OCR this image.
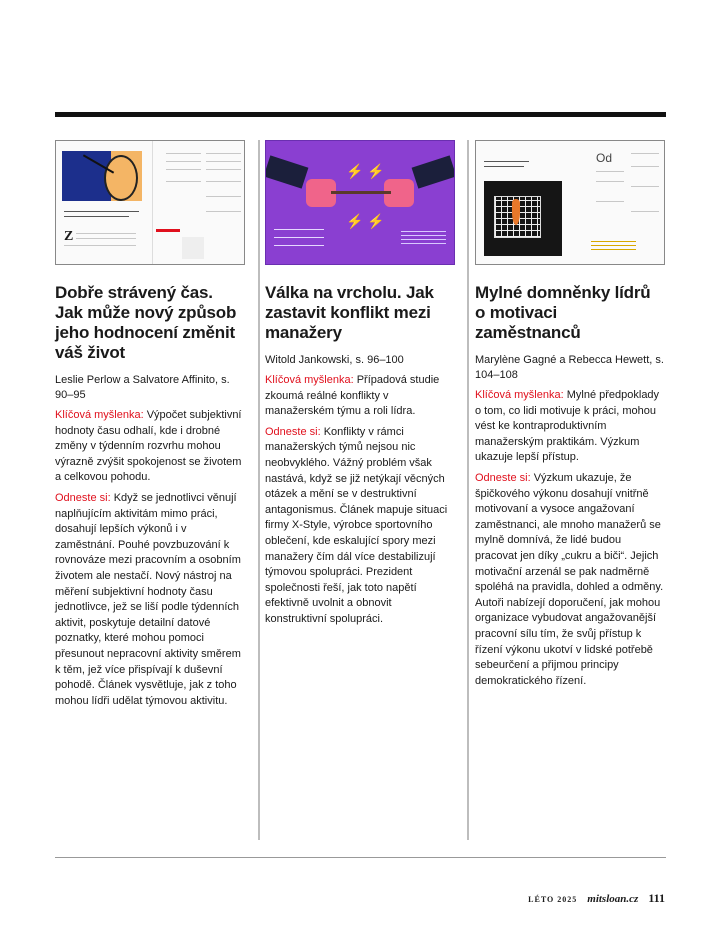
Z
Dobře strávený čas. Jak může nový způsob jeho hodnocení změnit váš život
Leslie Perlow a Salvatore Affinito, s. 90–95

Klíčová myšlenka: Výpočet subjektivní hodnoty času odhalí, kde i drobné změny v týdenním rozvrhu mohou výrazně zvýšit spokojenost se životem a celkovou pohodu.

Odneste si: Když se jednotlivci věnují naplňujícím aktivitám mimo práci, dosahují lepších výkonů i v zaměstnání. Pouhé povzbuzování k rovnováze mezi pracovním a osobním životem ale nestačí. Nový nástroj na měření subjektivní hodnoty času jednotlivce, jež se liší podle týdenních aktivit, poskytuje detailní datové poznatky, které mohou pomoci přesunout nepracovní aktivity směrem k těm, jež více přispívají k duševní pohodě. Článek vysvětluje, jak z toho mohou lídři udělat týmovou aktivitu.

⚡ ⚡
⚡ ⚡
Válka na vrcholu. Jak zastavit konflikt mezi manažery
Witold Jankowski, s. 96–100

Klíčová myšlenka: Případová studie zkoumá reálné konflikty v manažerském týmu a roli lídra.

Odneste si: Konflikty v rámci manažerských týmů nejsou nic neobvyklého. Vážný problém však nastává, když se již netýkají věcných otázek a mění se v destruktivní antagonismus. Článek mapuje situaci firmy X-Style, výrobce sportovního oblečení, kde eskalující spory mezi manažery čím dál více destabilizují týmovou spolupráci. Prezident společnosti řeší, jak toto napětí efektivně uvolnit a obnovit konstruktivní spolupráci.

Od
Mylné domněnky lídrů o motivaci zaměstnanců
Marylène Gagné a Rebecca Hewett, s. 104–108

Klíčová myšlenka: Mylné předpoklady o tom, co lidi motivuje k práci, mohou vést ke kontraproduktivním manažerským praktikám. Výzkum ukazuje lepší přístup.

Odneste si: Výzkum ukazuje, že špičkového výkonu dosahují vnitřně motivovaní a vysoce angažovaní zaměstnanci, ale mnoho manažerů se mylně domnívá, že lidé budou pracovat jen díky „cukru a biči“. Jejich motivační arzenál se pak nadměrně spoléhá na pravidla, dohled a odměny. Autoři nabízejí doporučení, jak mohou organizace vybudovat angažovanější pracovní sílu tím, že svůj přístup k řízení výkonu ukotví v lidské potřebě sebeurčení a přijmou principy demokratického řízení.

LÉTO 2025 mitsloan.cz 111
